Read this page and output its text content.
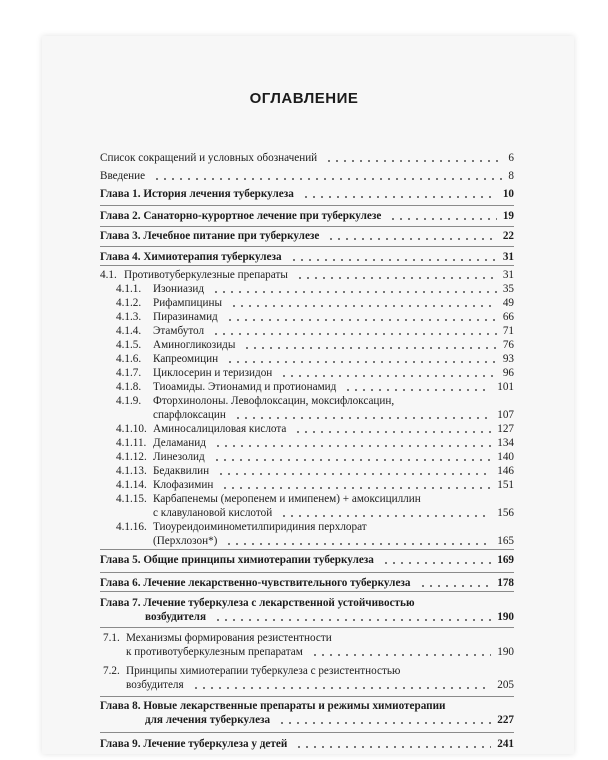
ОГЛАВЛЕНИЕ
Список сокращений и условных обозначений	6
Введение	8
Глава 1. История лечения туберкулеза	10
Глава 2. Санаторно-курортное лечение при туберкулезе	19
Глава 3. Лечебное питание при туберкулезе	22
Глава 4. Химиотерапия туберкулеза	31
4.1. Противотуберкулезные препараты	31
4.1.1. Изониазид	35
4.1.2. Рифампицины	49
4.1.3. Пиразинамид	66
4.1.4. Этамбутол	71
4.1.5. Аминогликозиды	76
4.1.6. Капреомицин	93
4.1.7. Циклосерин и теризидон	96
4.1.8. Тиоамиды. Этионамид и протионамид	101
4.1.9. Фторхинолоны. Левофлоксацин, моксифлоксацин,
спарфлоксацин	107
4.1.10. Аминосалициловая кислота	127
4.1.11. Деламанид	134
4.1.12. Линезолид	140
4.1.13. Бедаквилин	146
4.1.14. Клофазимин	151
4.1.15. Карбапенемы (меропенем и имипенем) + амоксициллин
с клавулановой кислотой	156
4.1.16. Тиоуреидоиминометилпиридиния перхлорат
(Перхлозон*)	165
Глава 5. Общие принципы химиотерапии туберкулеза	169
Глава 6. Лечение лекарственно-чувствительного туберкулеза	178
Глава 7. Лечение туберкулеза с лекарственной устойчивостью
возбудителя	190
7.1. Механизмы формирования резистентности
к противотуберкулезным препаратам	190
7.2. Принципы химиотерапии туберкулеза с резистентностью
возбудителя	205
Глава 8. Новые лекарственные препараты и режимы химиотерапии
для лечения туберкулеза	227
Глава 9. Лечение туберкулеза у детей	241
